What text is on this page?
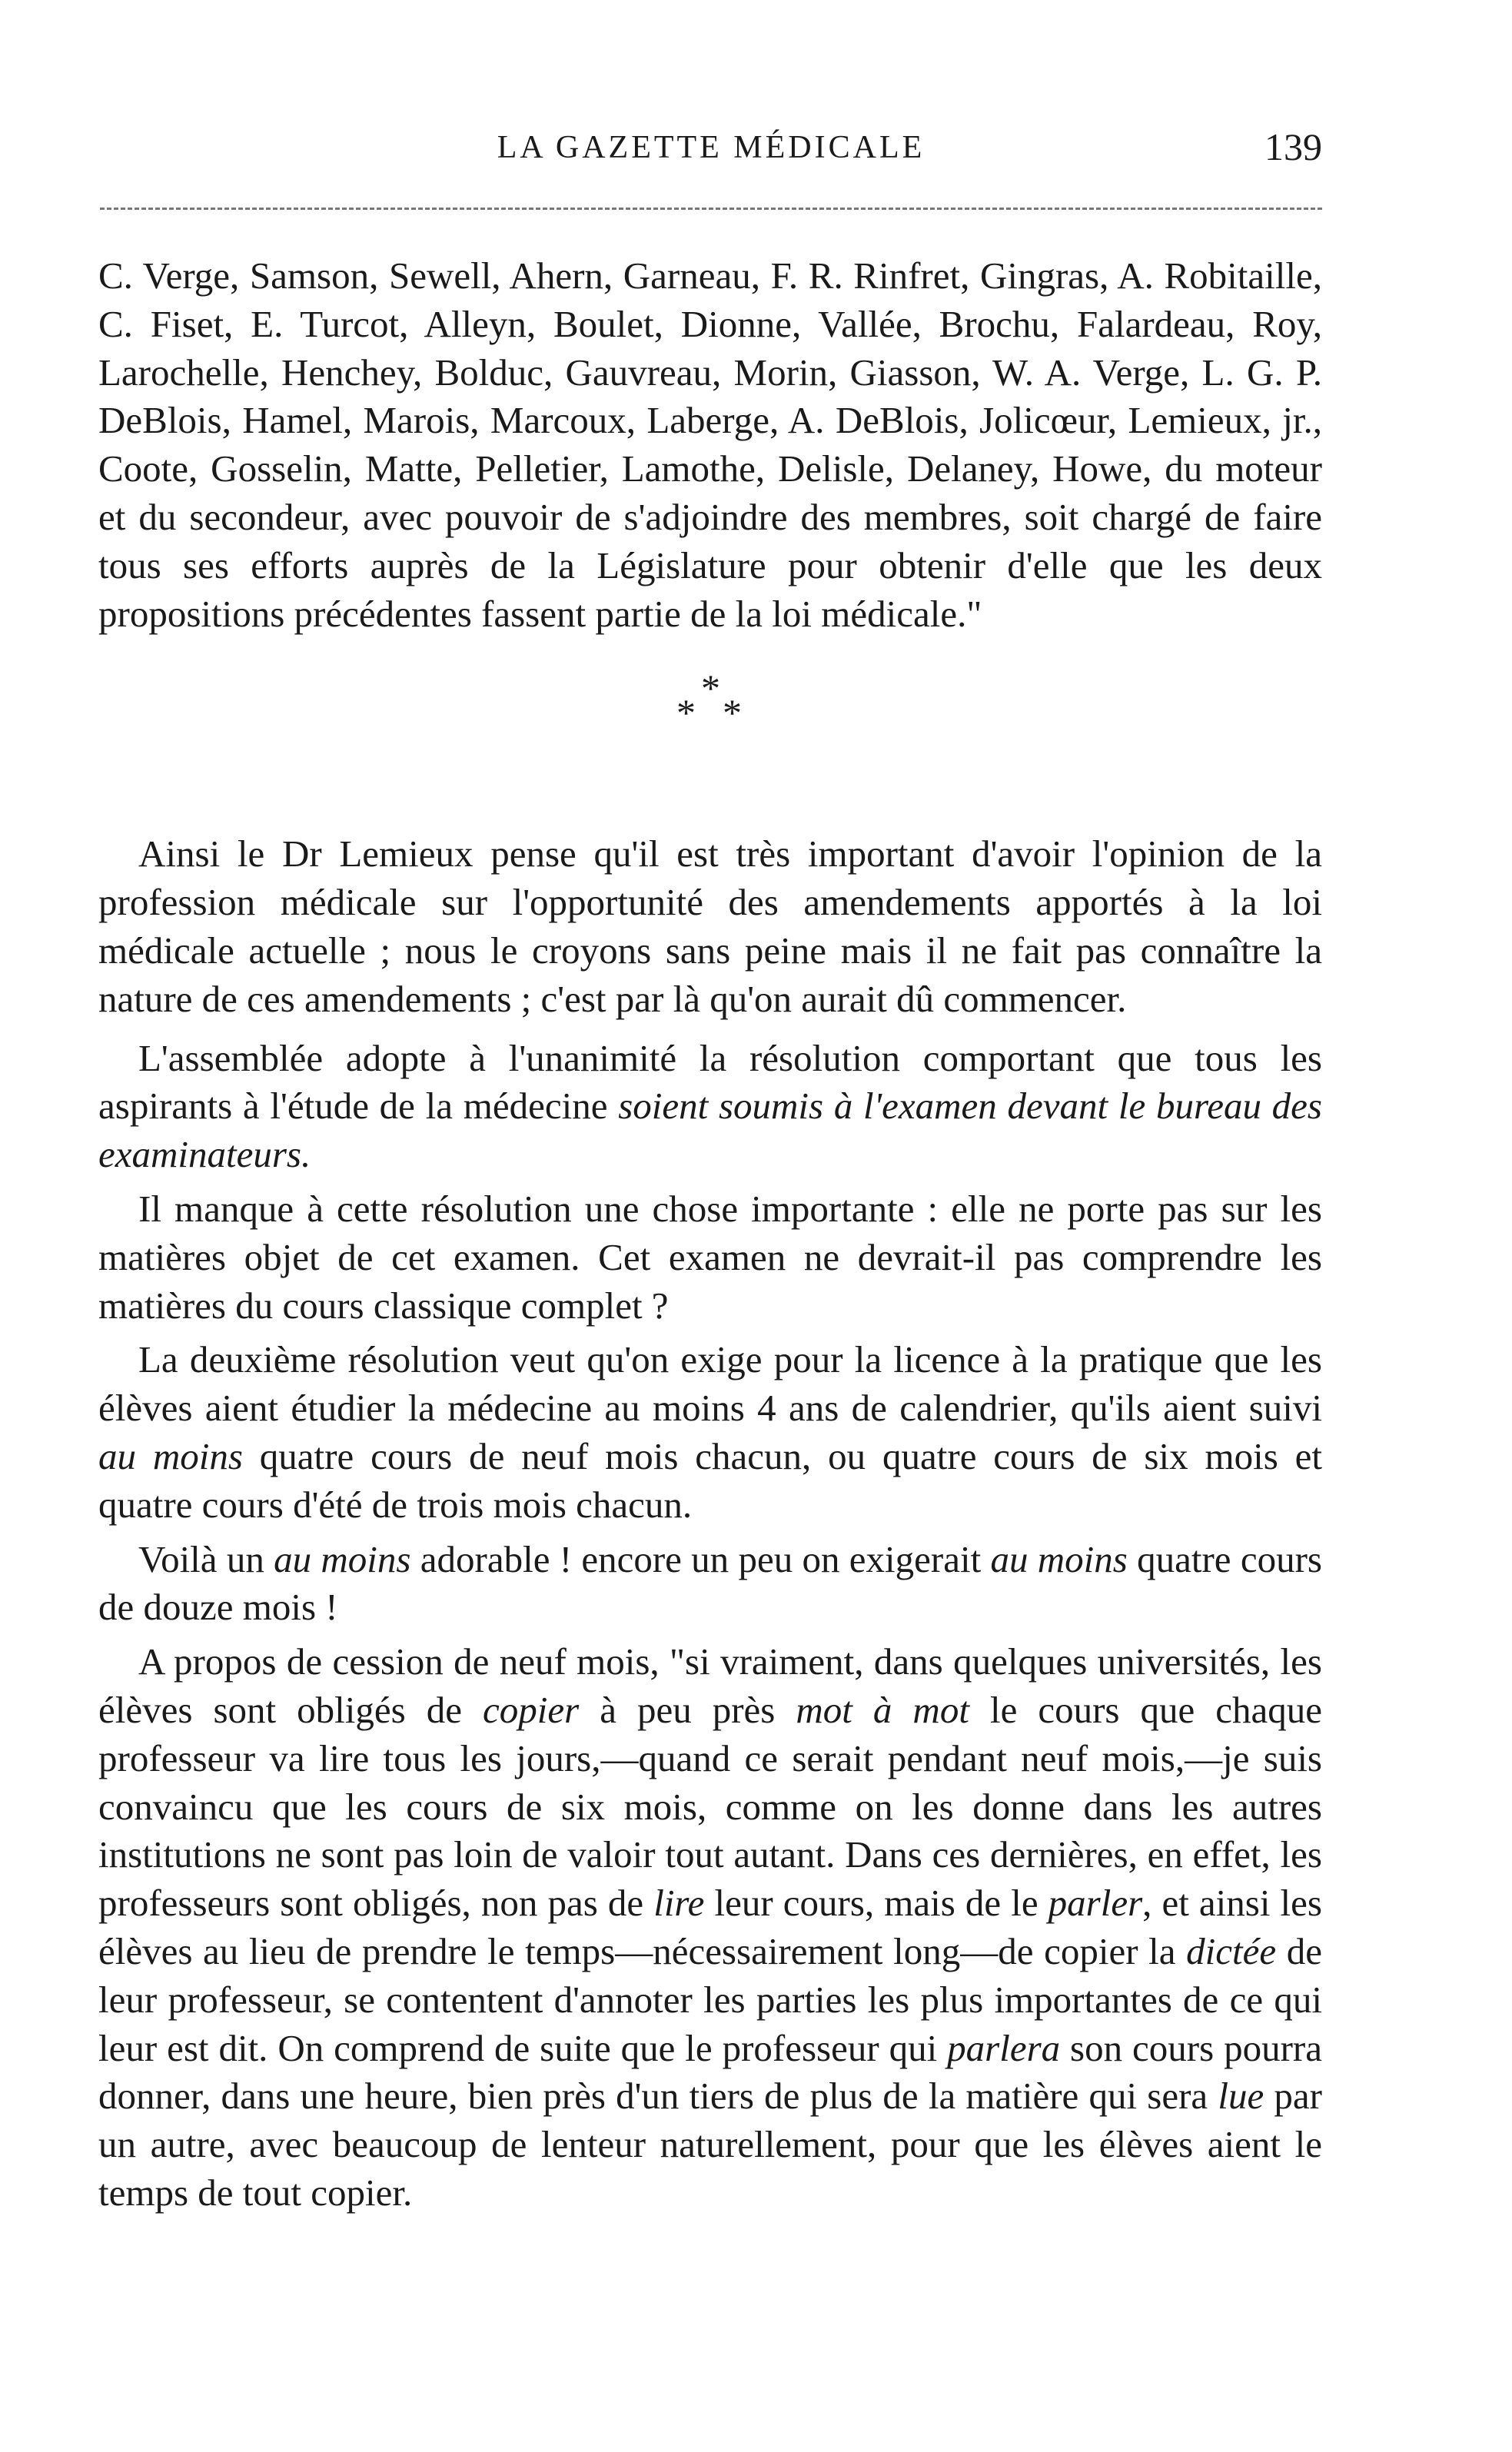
LA GAZETTE MÉDICALE	139

C. Verge, Samson, Sewell, Ahern, Garneau, F. R. Rinfret, Gingras, A. Robitaille, C. Fiset, E. Turcot, Alleyn, Boulet, Dionne, Vallée, Brochu, Falardeau, Roy, Larochelle, Henchey, Bolduc, Gauvreau, Morin, Giasson, W. A. Verge, L. G. P. DeBlois, Hamel, Marois, Marcoux, Laberge, A. DeBlois, Jolicœur, Lemieux, jr., Coote, Gosselin, Matte, Pelletier, Lamothe, Delisle, Delaney, Howe, du moteur et du secondeur, avec pouvoir de s'adjoindre des membres, soit chargé de faire tous ses efforts auprès de la Législature pour obtenir d'elle que les deux propositions précédentes fassent partie de la loi médicale."

*
* *

Ainsi le Dr Lemieux pense qu'il est très important d'avoir l'opinion de la profession médicale sur l'opportunité des amendements apportés à la loi médicale actuelle ; nous le croyons sans peine mais il ne fait pas connaître la nature de ces amendements ; c'est par là qu'on aurait dû commencer.

L'assemblée adopte à l'unanimité la résolution comportant que tous les aspirants à l'étude de la médecine soient soumis à l'examen devant le bureau des examinateurs.

Il manque à cette résolution une chose importante : elle ne porte pas sur les matières objet de cet examen. Cet examen ne devrait-il pas comprendre les matières du cours classique complet ?

La deuxième résolution veut qu'on exige pour la licence à la pratique que les élèves aient étudier la médecine au moins 4 ans de calendrier, qu'ils aient suivi au moins quatre cours de neuf mois chacun, ou quatre cours de six mois et quatre cours d'été de trois mois chacun.

Voilà un au moins adorable ! encore un peu on exigerait au moins quatre cours de douze mois !

A propos de cession de neuf mois, "si vraiment, dans quelques universités, les élèves sont obligés de copier à peu près mot à mot le cours que chaque professeur va lire tous les jours,—quand ce serait pendant neuf mois,—je suis convaincu que les cours de six mois, comme on les donne dans les autres institutions ne sont pas loin de valoir tout autant. Dans ces dernières, en effet, les professeurs sont obligés, non pas de lire leur cours, mais de le parler, et ainsi les élèves au lieu de prendre le temps—nécessairement long—de copier la dictée de leur professeur, se contentent d'annoter les parties les plus importantes de ce qui leur est dit. On comprend de suite que le professeur qui parlera son cours pourra donner, dans une heure, bien près d'un tiers de plus de la matière qui sera lue par un autre, avec beaucoup de lenteur naturellement, pour que les élèves aient le temps de tout copier.
